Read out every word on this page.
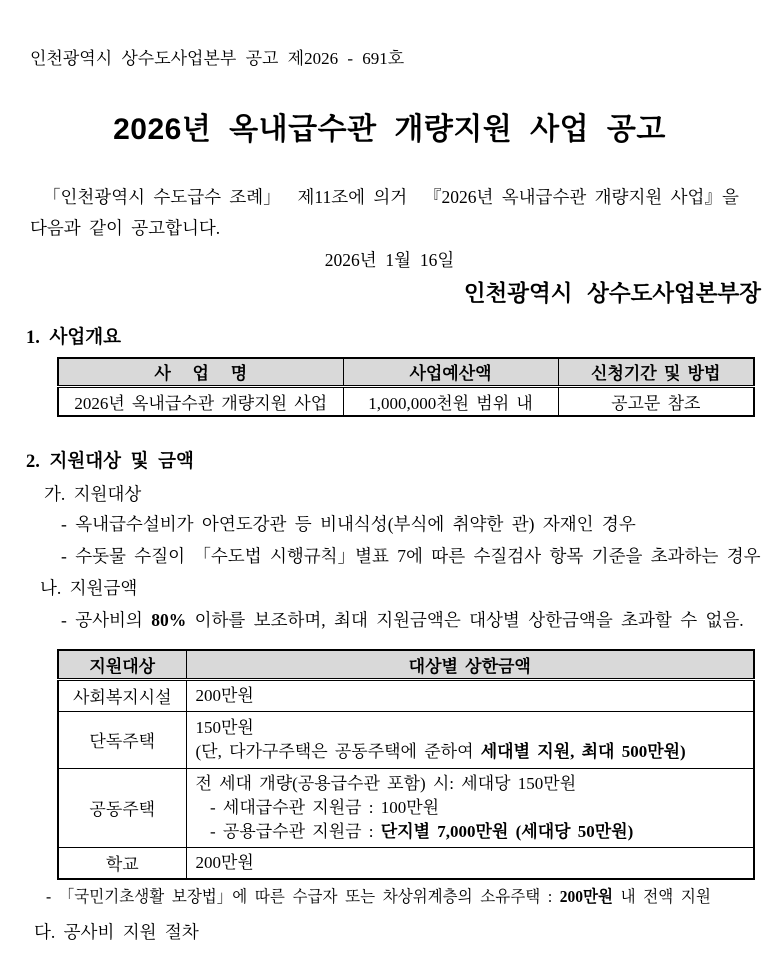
인천광역시 상수도사업본부 공고 제2026 - 691호
2026년 옥내급수관 개량지원 사업 공고
「인천광역시 수도급수 조례」  제11조에 의거  『2026년 옥내급수관 개량지원 사업』을
다음과 같이 공고합니다.
2026년  1월  16일
인천광역시 상수도사업본부장
1. 사업개요
사   업   명	사업예산액	신청기간 및 방법
2026년 옥내급수관 개량지원 사업	1,000,000천원 범위 내	공고문 참조
2. 지원대상 및 금액
가. 지원대상
- 옥내급수설비가 아연도강관 등 비내식성(부식에 취약한 관) 자재인 경우
- 수돗물 수질이 「수도법 시행규칙」별표 7에 따른 수질검사 항목 기준을 초과하는 경우
나. 지원금액
- 공사비의 80% 이하를 보조하며, 최대 지원금액은 대상별 상한금액을 초과할 수 없음.
지원대상	대상별 상한금액
사회복지시설	200만원

단독주택	150만원
(단, 다가구주택은 공동주택에 준하여 세대별 지원, 최대 500만원)

공동주택	전 세대 개량(공용급수관 포함) 시: 세대당 150만원
- 세대급수관 지원금 : 100만원
- 공용급수관 지원금 : 단지별 7,000만원 (세대당 50만원)

학교	200만원
- 「국민기초생활 보장법」에 따른 수급자 또는 차상위계층의 소유주택 : 200만원 내 전액 지원
다. 공사비 지원 절차
